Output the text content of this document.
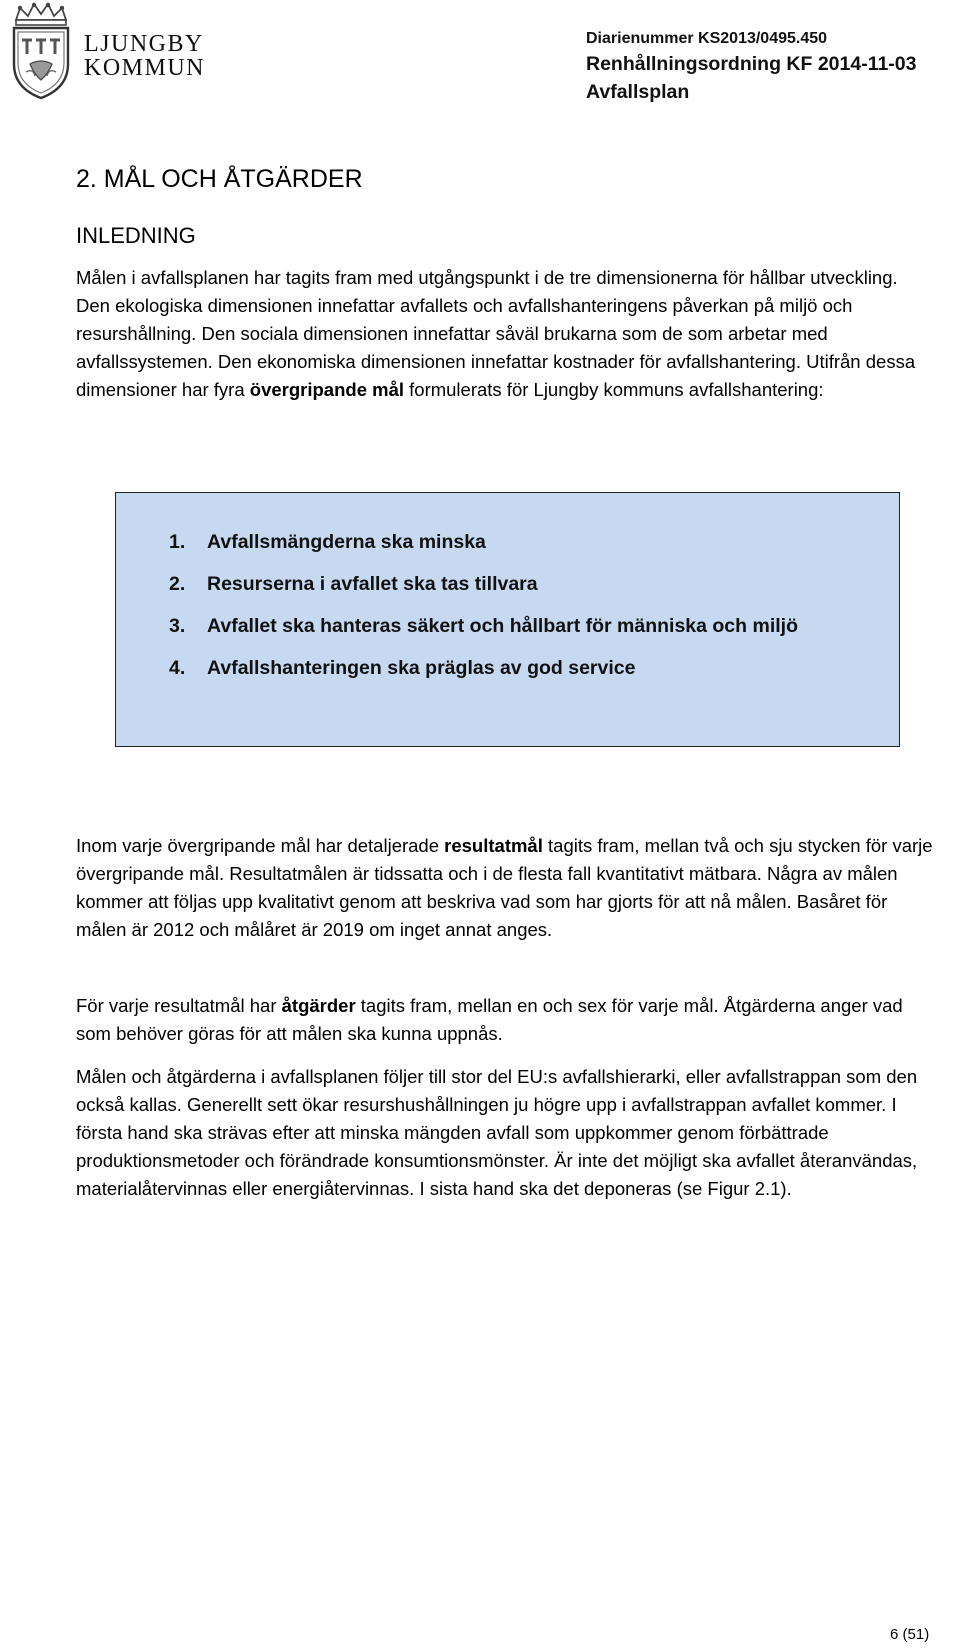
LJUNGBY
KOMMUN
Diarienummer KS2013/0495.450
Renhållningsordning KF 2014-11-03
Avfallsplan
2. MÅL OCH ÅTGÄRDER
INLEDNING
Målen i avfallsplanen har tagits fram med utgångspunkt i de tre dimensionerna för hållbar utveckling. Den ekologiska dimensionen innefattar avfallets och avfallshanteringens påverkan på miljö och resurshållning. Den sociala dimensionen innefattar såväl brukarna som de som arbetar med avfallssystemen. Den ekonomiska dimensionen innefattar kostnader för avfallshantering. Utifrån dessa dimensioner har fyra övergripande mål formulerats för Ljungby kommuns avfallshantering:
1. Avfallsmängderna ska minska
2. Resurserna i avfallet ska tas tillvara
3. Avfallet ska hanteras säkert och hållbart för människa och miljö
4. Avfallshanteringen ska präglas av god service
Inom varje övergripande mål har detaljerade resultatmål tagits fram, mellan två och sju stycken för varje övergripande mål. Resultatmålen är tidssatta och i de flesta fall kvantitativt mätbara. Några av målen kommer att följas upp kvalitativt genom att beskriva vad som har gjorts för att nå målen. Basåret för målen är 2012 och målåret är 2019 om inget annat anges.
För varje resultatmål har åtgärder tagits fram, mellan en och sex för varje mål. Åtgärderna anger vad som behöver göras för att målen ska kunna uppnås.
Målen och åtgärderna i avfallsplanen följer till stor del EU:s avfallshierarki, eller avfallstrappan som den också kallas. Generellt sett ökar resurshushållningen ju högre upp i avfallstrappan avfallet kommer. I första hand ska strävas efter att minska mängden avfall som uppkommer genom förbättrade produktionsmetoder och förändrade konsumtionsmönster. Är inte det möjligt ska avfallet återanvändas, materialåtervinnas eller energiåtervinnas. I sista hand ska det deponeras (se Figur 2.1).
6 (51)
